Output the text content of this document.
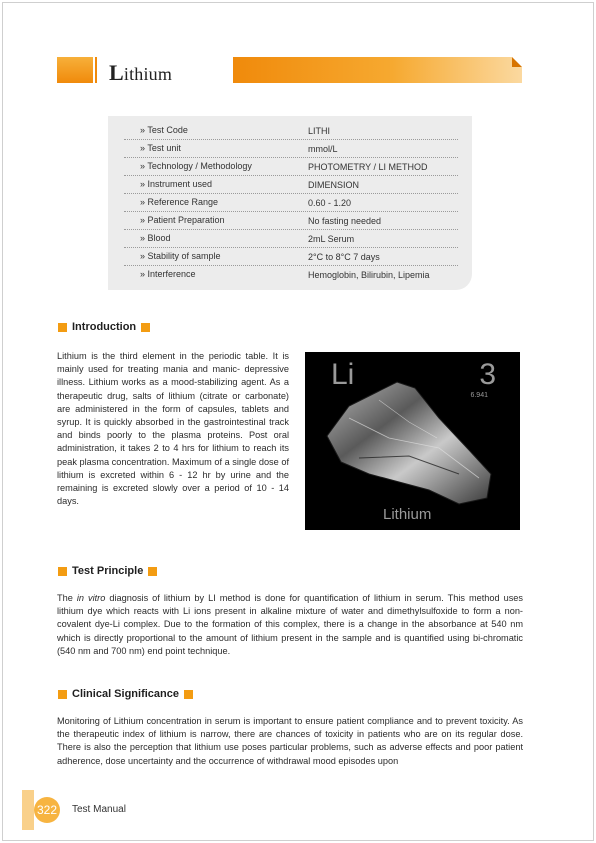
Lithium
» Test Code	LITHI
» Test unit	mmol/L
» Technology / Methodology	PHOTOMETRY / LI METHOD
» Instrument used	DIMENSION
» Reference Range	0.60 - 1.20
» Patient Preparation	No fasting needed
» Blood	2mL Serum
» Stability of sample	2°C to 8°C 7 days
» Interference	Hemoglobin, Bilirubin, Lipemia
Introduction
Lithium is the third element in the periodic table. It is mainly used for treating mania and manic- depressive illness. Lithium works as a mood-stabilizing agent. As a therapeutic drug, salts of lithium (citrate or carbonate) are administered in the form of capsules, tablets and syrup. It is quickly absorbed in the gastrointestinal track and binds poorly to the plasma proteins. Post oral administration, it takes 2 to 4 hrs for lithium to reach its peak plasma concentration. Maximum of a single dose of lithium is excreted within 6 - 12 hr by urine and the remaining is excreted slowly over a period of 10 - 14 days.
Li	3
6.941
Lithium
Test Principle
The in vitro diagnosis of lithium by LI method is done for quantification of lithium in serum. This method uses lithium dye which reacts with Li ions present in alkaline mixture of water and dimethylsulfoxide to form a non-covalent dye-Li complex. Due to the formation of this complex, there is a change in the absorbance at 540 nm which is directly proportional to the amount of lithium present in the sample and is quantified using bi-chromatic (540 nm and 700 nm) end point technique.
Clinical Significance
Monitoring of Lithium concentration in serum is important to ensure patient compliance and to prevent toxicity. As the therapeutic index of lithium is narrow, there are chances of toxicity in patients who are on its regular dose. There is also the perception that lithium use poses particular problems, such as adverse effects and poor patient adherence, dose uncertainty and the occurrence of withdrawal mood episodes upon
322 Test Manual
